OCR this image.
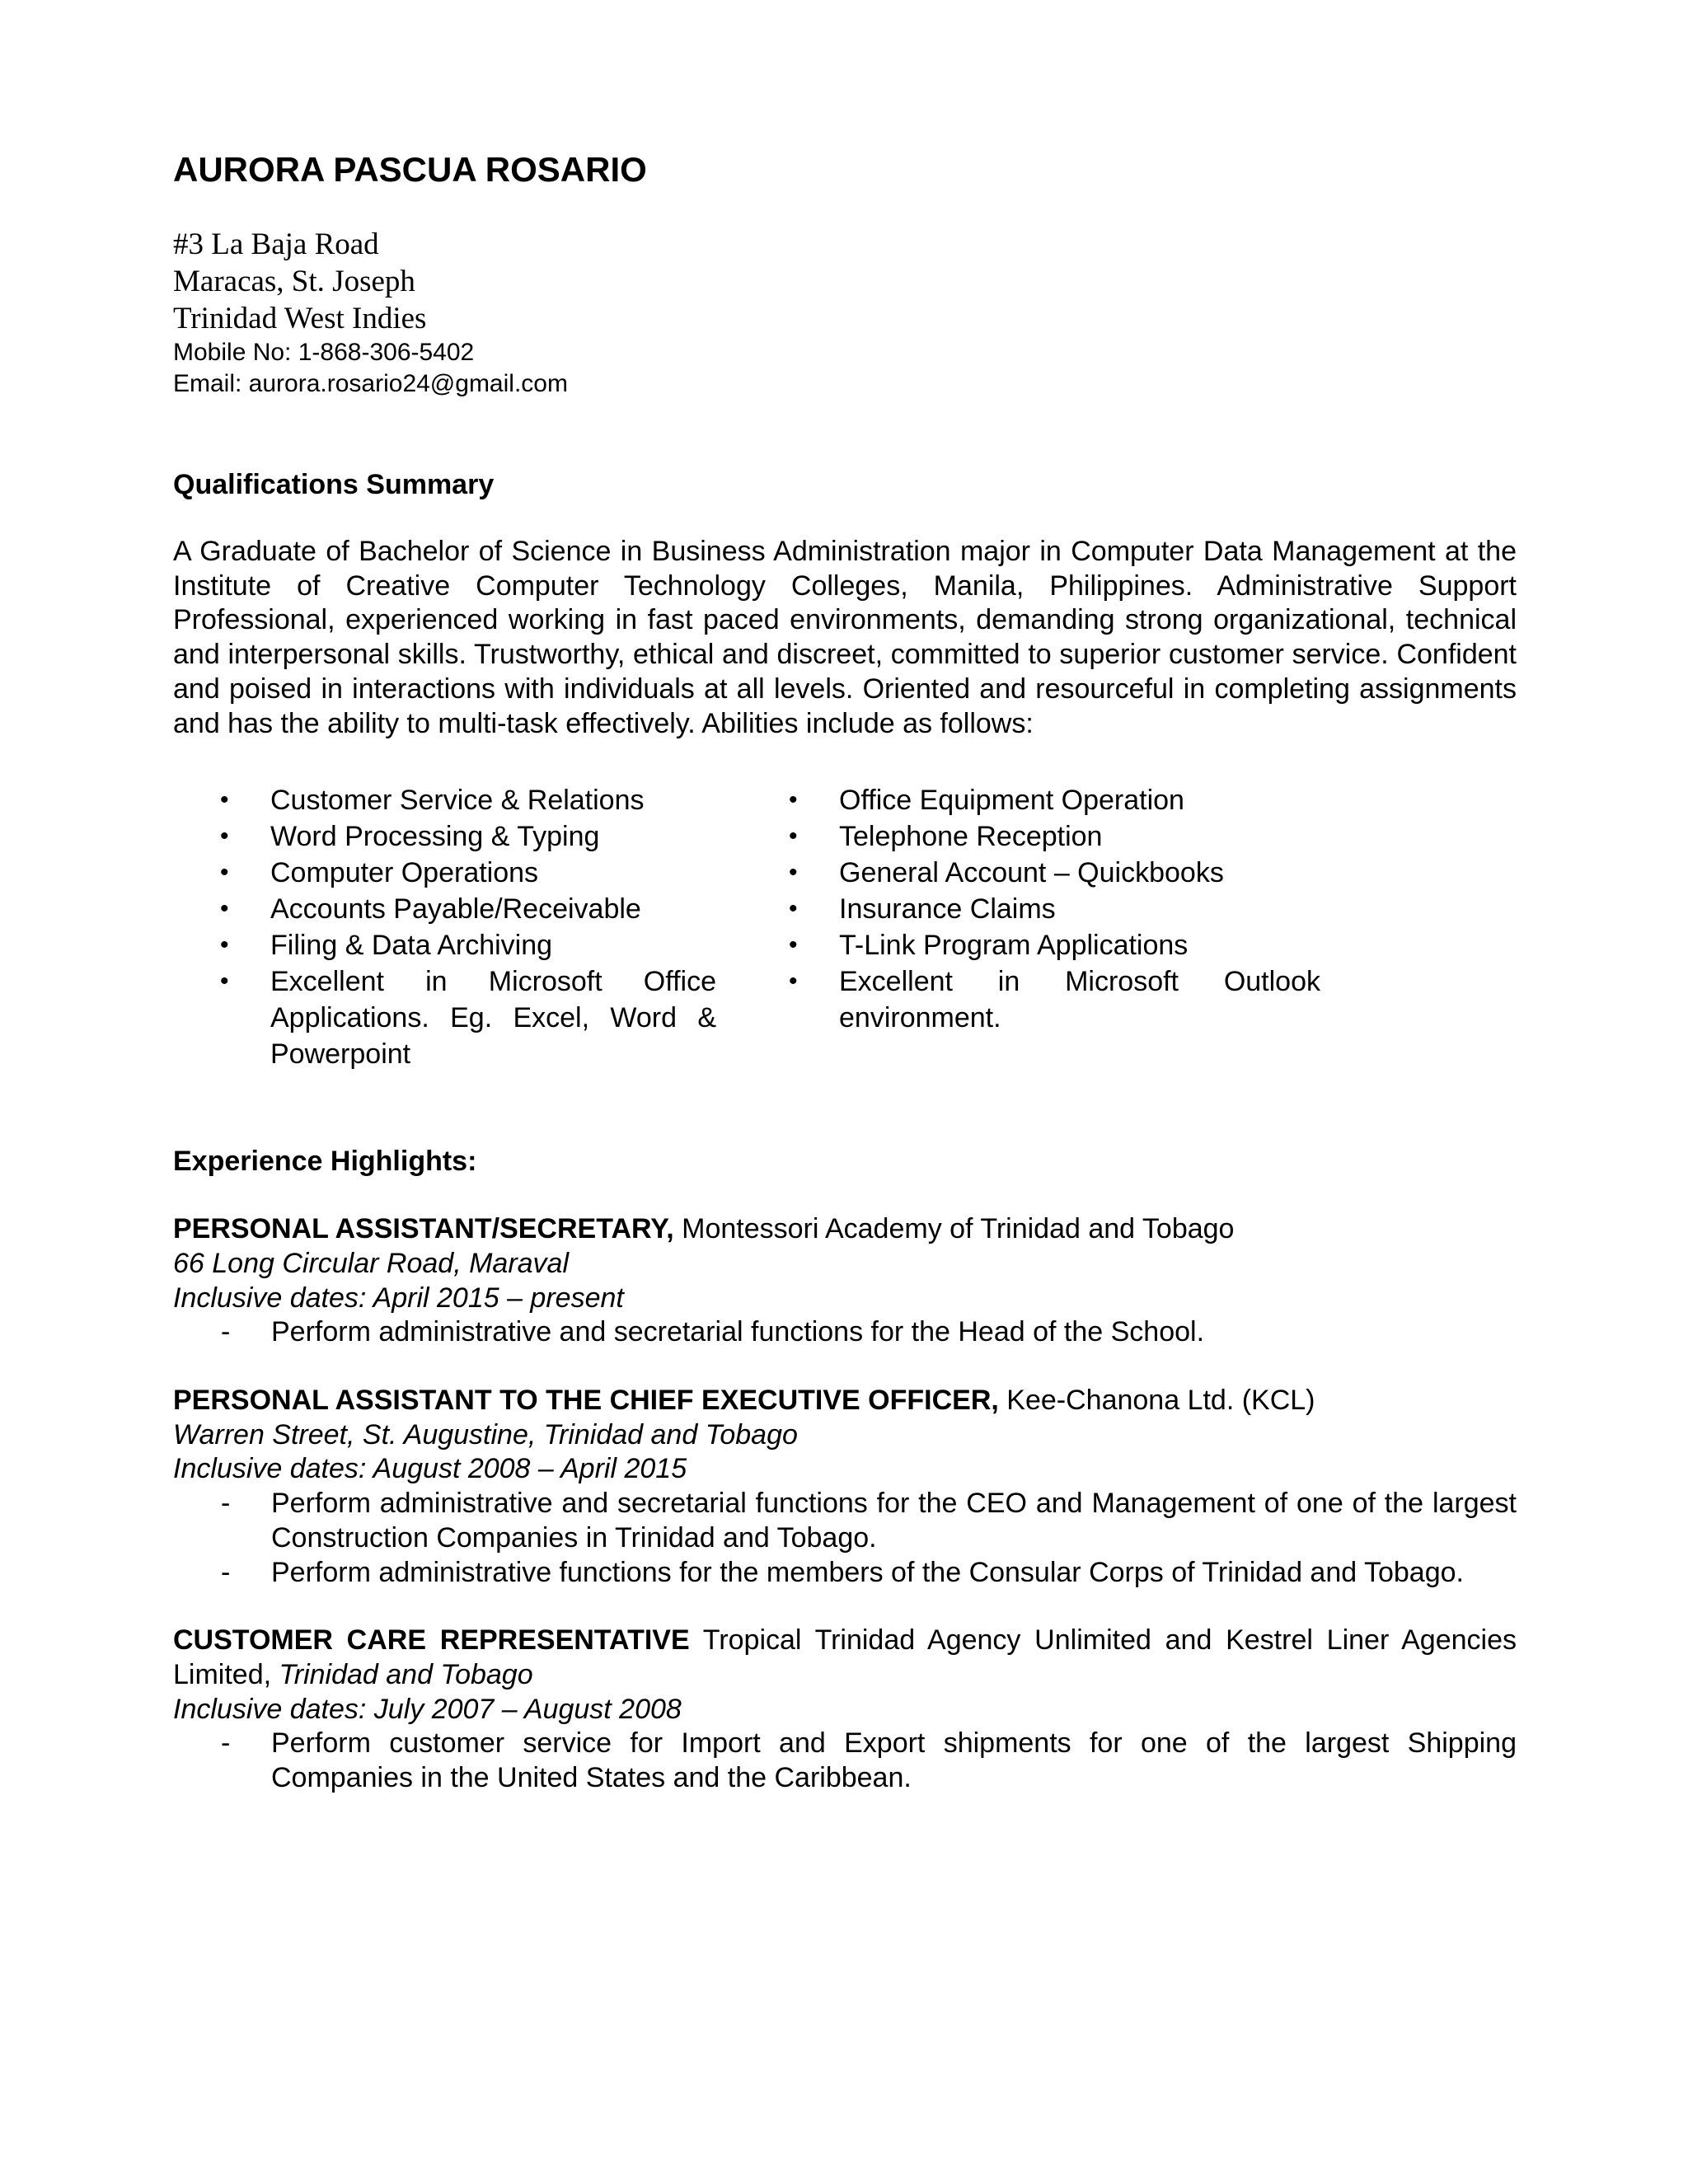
AURORA PASCUA ROSARIO
#3 La Baja Road
Maracas, St. Joseph
Trinidad West Indies
Mobile No: 1-868-306-5402
Email: aurora.rosario24@gmail.com
Qualifications Summary
A Graduate of Bachelor of Science in Business Administration major in Computer Data Management at the Institute of Creative Computer Technology Colleges, Manila, Philippines. Administrative Support Professional, experienced working in fast paced environments, demanding strong organizational, technical and interpersonal skills. Trustworthy, ethical and discreet, committed to superior customer service. Confident and poised in interactions with individuals at all levels. Oriented and resourceful in completing assignments and has the ability to multi-task effectively. Abilities include as follows:
• Customer Service & Relations
• Word Processing & Typing
• Computer Operations
• Accounts Payable/Receivable
• Filing & Data Archiving
• Excellent in Microsoft Office Applications. Eg. Excel, Word & Powerpoint
• Office Equipment Operation
• Telephone Reception
• General Account – Quickbooks
• Insurance Claims
• T-Link Program Applications
• Excellent in Microsoft Outlook environment.
Experience Highlights:
PERSONAL ASSISTANT/SECRETARY, Montessori Academy of Trinidad and Tobago
66 Long Circular Road, Maraval
Inclusive dates: April 2015 – present
- Perform administrative and secretarial functions for the Head of the School.
PERSONAL ASSISTANT TO THE CHIEF EXECUTIVE OFFICER, Kee-Chanona Ltd. (KCL)
Warren Street, St. Augustine, Trinidad and Tobago
Inclusive dates: August 2008 – April 2015
- Perform administrative and secretarial functions for the CEO and Management of one of the largest Construction Companies in Trinidad and Tobago.
- Perform administrative functions for the members of the Consular Corps of Trinidad and Tobago.
CUSTOMER CARE REPRESENTATIVE Tropical Trinidad Agency Unlimited and Kestrel Liner Agencies Limited, Trinidad and Tobago
Inclusive dates: July 2007 – August 2008
- Perform customer service for Import and Export shipments for one of the largest Shipping Companies in the United States and the Caribbean.
